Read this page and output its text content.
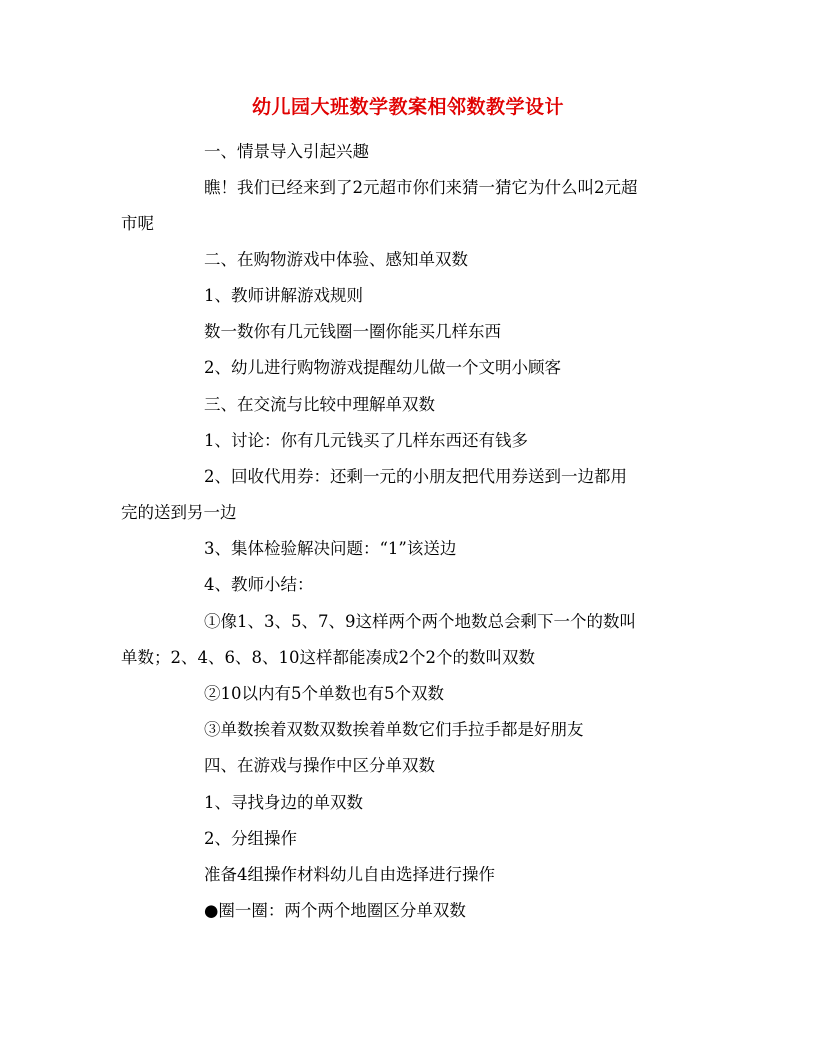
幼儿园大班数学教案相邻数教学设计
一、情景导入引起兴趣
瞧！我们已经来到了2元超市你们来猜一猜它为什么叫2元超
市呢
二、在购物游戏中体验、感知单双数
1、教师讲解游戏规则
数一数你有几元钱圈一圈你能买几样东西
2、幼儿进行购物游戏提醒幼儿做一个文明小顾客
三、在交流与比较中理解单双数
1、讨论：你有几元钱买了几样东西还有钱多
2、回收代用券：还剩一元的小朋友把代用券送到一边都用
完的送到另一边
3、集体检验解决问题：“1”该送边
4、教师小结：
①像1、3、5、7、9这样两个两个地数总会剩下一个的数叫
单数；2、4、6、8、10这样都能凑成2个2个的数叫双数
②10以内有5个单数也有5个双数
③单数挨着双数双数挨着单数它们手拉手都是好朋友
四、在游戏与操作中区分单双数
1、寻找身边的单双数
2、分组操作
准备4组操作材料幼儿自由选择进行操作
●圈一圈：两个两个地圈区分单双数
